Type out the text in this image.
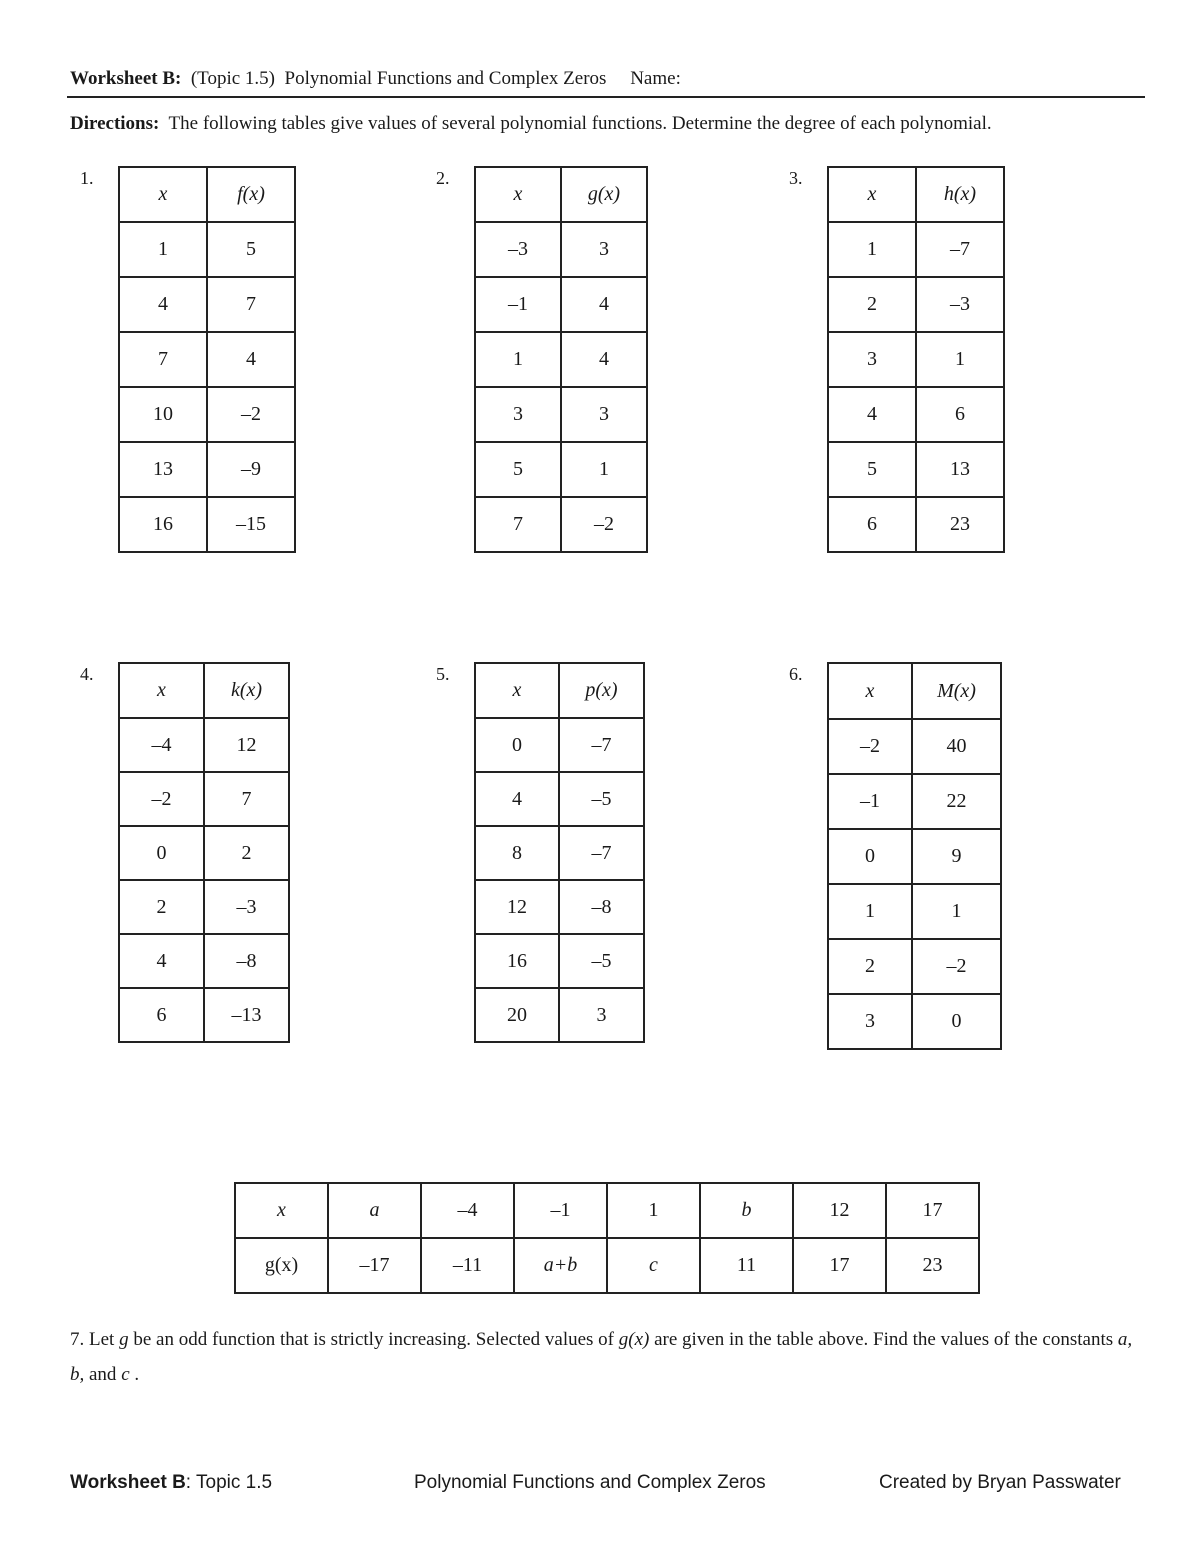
Worksheet B: (Topic 1.5) Polynomial Functions and Complex Zeros Name:
Directions: The following tables give values of several polynomial functions. Determine the degree of each polynomial.
1.
x	f(x)
1	5
4	7
7	4
10	–2
13	–9
16	–15
2.
x	g(x)
–3	3
–1	4
1	4
3	3
5	1
7	–2
3.
x	h(x)
1	–7
2	–3
3	1
4	6
5	13
6	23
4.
x	k(x)
–4	12
–2	7
0	2
2	–3
4	–8
6	–13
5.
x	p(x)
0	–7
4	–5
8	–7
12	–8
16	–5
20	3
6.
x	M(x)
–2	40
–1	22
0	9
1	1
2	–2
3	0
x	a	–4	–1	1	b	12	17
g(x)	–17	–11	a+b	c	11	17	23
7. Let g be an odd function that is strictly increasing. Selected values of g(x) are given in the table above. Find the values of the constants a, b, and c .
Worksheet B: Topic 1.5	Polynomial Functions and Complex Zeros	Created by Bryan Passwater
